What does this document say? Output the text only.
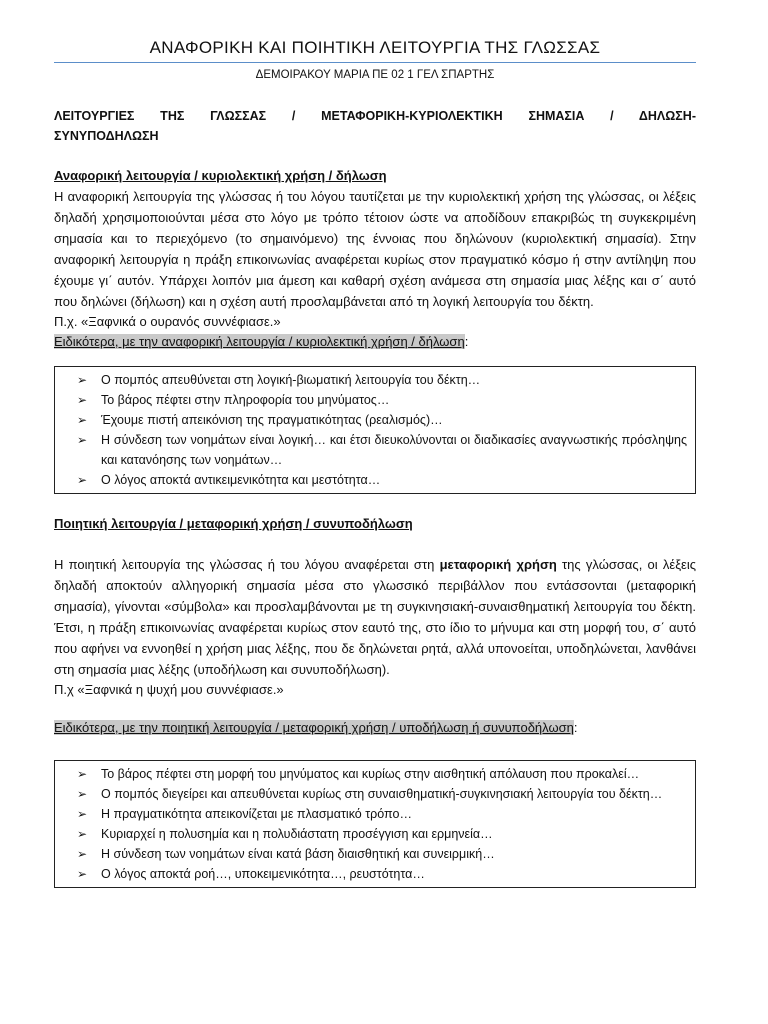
ΑΝΑΦΟΡΙΚΗ ΚΑΙ ΠΟΙΗΤΙΚΗ ΛΕΙΤΟΥΡΓΙΑ ΤΗΣ ΓΛΩΣΣΑΣ
ΔΕΜΟΙΡΑΚΟΥ ΜΑΡΙΑ ΠΕ 02 1 ΓΕΛ ΣΠΑΡΤΗΣ
ΛΕΙΤΟΥΡΓΙΕΣ ΤΗΣ ΓΛΩΣΣΑΣ / ΜΕΤΑΦΟΡΙΚΗ-ΚΥΡΙΟΛΕΚΤΙΚΗ ΣΗΜΑΣΙΑ / ΔΗΛΩΣΗ-ΣΥΝΥΠΟΔΗΛΩΣΗ
Αναφορική λειτουργία / κυριολεκτική χρήση / δήλωση
Η αναφορική λειτουργία της γλώσσας ή του λόγου ταυτίζεται με την κυριολεκτική χρήση της γλώσσας, οι λέξεις δηλαδή χρησιμοποιούνται μέσα στο λόγο με τρόπο τέτοιον ώστε να αποδίδουν επακριβώς τη συγκεκριμένη σημασία και το περιεχόμενο (το σημαινόμενο) της έννοιας που δηλώνουν (κυριολεκτική σημασία). Στην αναφορική λειτουργία η πράξη επικοινωνίας αναφέρεται κυρίως στον πραγματικό κόσμο ή στην αντίληψη που έχουμε γι΄ αυτόν. Υπάρχει λοιπόν μια άμεση και καθαρή σχέση ανάμεσα στη σημασία μιας λέξης και σ΄ αυτό που δηλώνει (δήλωση) και η σχέση αυτή προσλαμβάνεται από τη λογική λειτουργία του δέκτη.
Π.χ. «Ξαφνικά ο ουρανός συννέφιασε.»
Ειδικότερα, με την αναφορική λειτουργία / κυριολεκτική χρήση / δήλωση:
➢ Ο πομπός απευθύνεται στη λογική-βιωματική λειτουργία του δέκτη…
➢ Το βάρος πέφτει στην πληροφορία του μηνύματος…
➢ Έχουμε πιστή απεικόνιση της πραγματικότητας (ρεαλισμός)…
➢ Η σύνδεση των νοημάτων είναι λογική… και έτσι διευκολύνονται οι διαδικασίες αναγνωστικής πρόσληψης και κατανόησης των νοημάτων…
➢ Ο λόγος αποκτά αντικειμενικότητα και μεστότητα…
Ποιητική λειτουργία / μεταφορική χρήση / συνυποδήλωση
Η ποιητική λειτουργία της γλώσσας ή του λόγου αναφέρεται στη μεταφορική χρήση της γλώσσας, οι λέξεις δηλαδή αποκτούν αλληγορική σημασία μέσα στο γλωσσικό περιβάλλον που εντάσσονται (μεταφορική σημασία), γίνονται «σύμβολα» και προσλαμβάνονται με τη συγκινησιακή-συναισθηματική λειτουργία του δέκτη. Έτσι, η πράξη επικοινωνίας αναφέρεται κυρίως στον εαυτό της, στο ίδιο το μήνυμα και στη μορφή του, σ΄ αυτό που αφήνει να εννοηθεί η χρήση μιας λέξης, που δε δηλώνεται ρητά, αλλά υπονοείται, υποδηλώνεται, λανθάνει στη σημασία μιας λέξης (υποδήλωση και συνυποδήλωση).
Π.χ «Ξαφνικά η ψυχή μου συννέφιασε.»
Ειδικότερα, με την ποιητική λειτουργία / μεταφορική χρήση / υποδήλωση ή συνυποδήλωση:
➢ Το βάρος πέφτει στη μορφή του μηνύματος και κυρίως στην αισθητική απόλαυση που προκαλεί…
➢ Ο πομπός διεγείρει και απευθύνεται κυρίως στη συναισθηματική-συγκινησιακή λειτουργία του δέκτη…
➢ Η πραγματικότητα απεικονίζεται με πλασματικό τρόπο…
➢ Κυριαρχεί η πολυσημία και η πολυδιάστατη προσέγγιση και ερμηνεία…
➢ Η σύνδεση των νοημάτων είναι κατά βάση διαισθητική και συνειρμική…
➢ Ο λόγος αποκτά ροή…, υποκειμενικότητα…, ρευστότητα…
